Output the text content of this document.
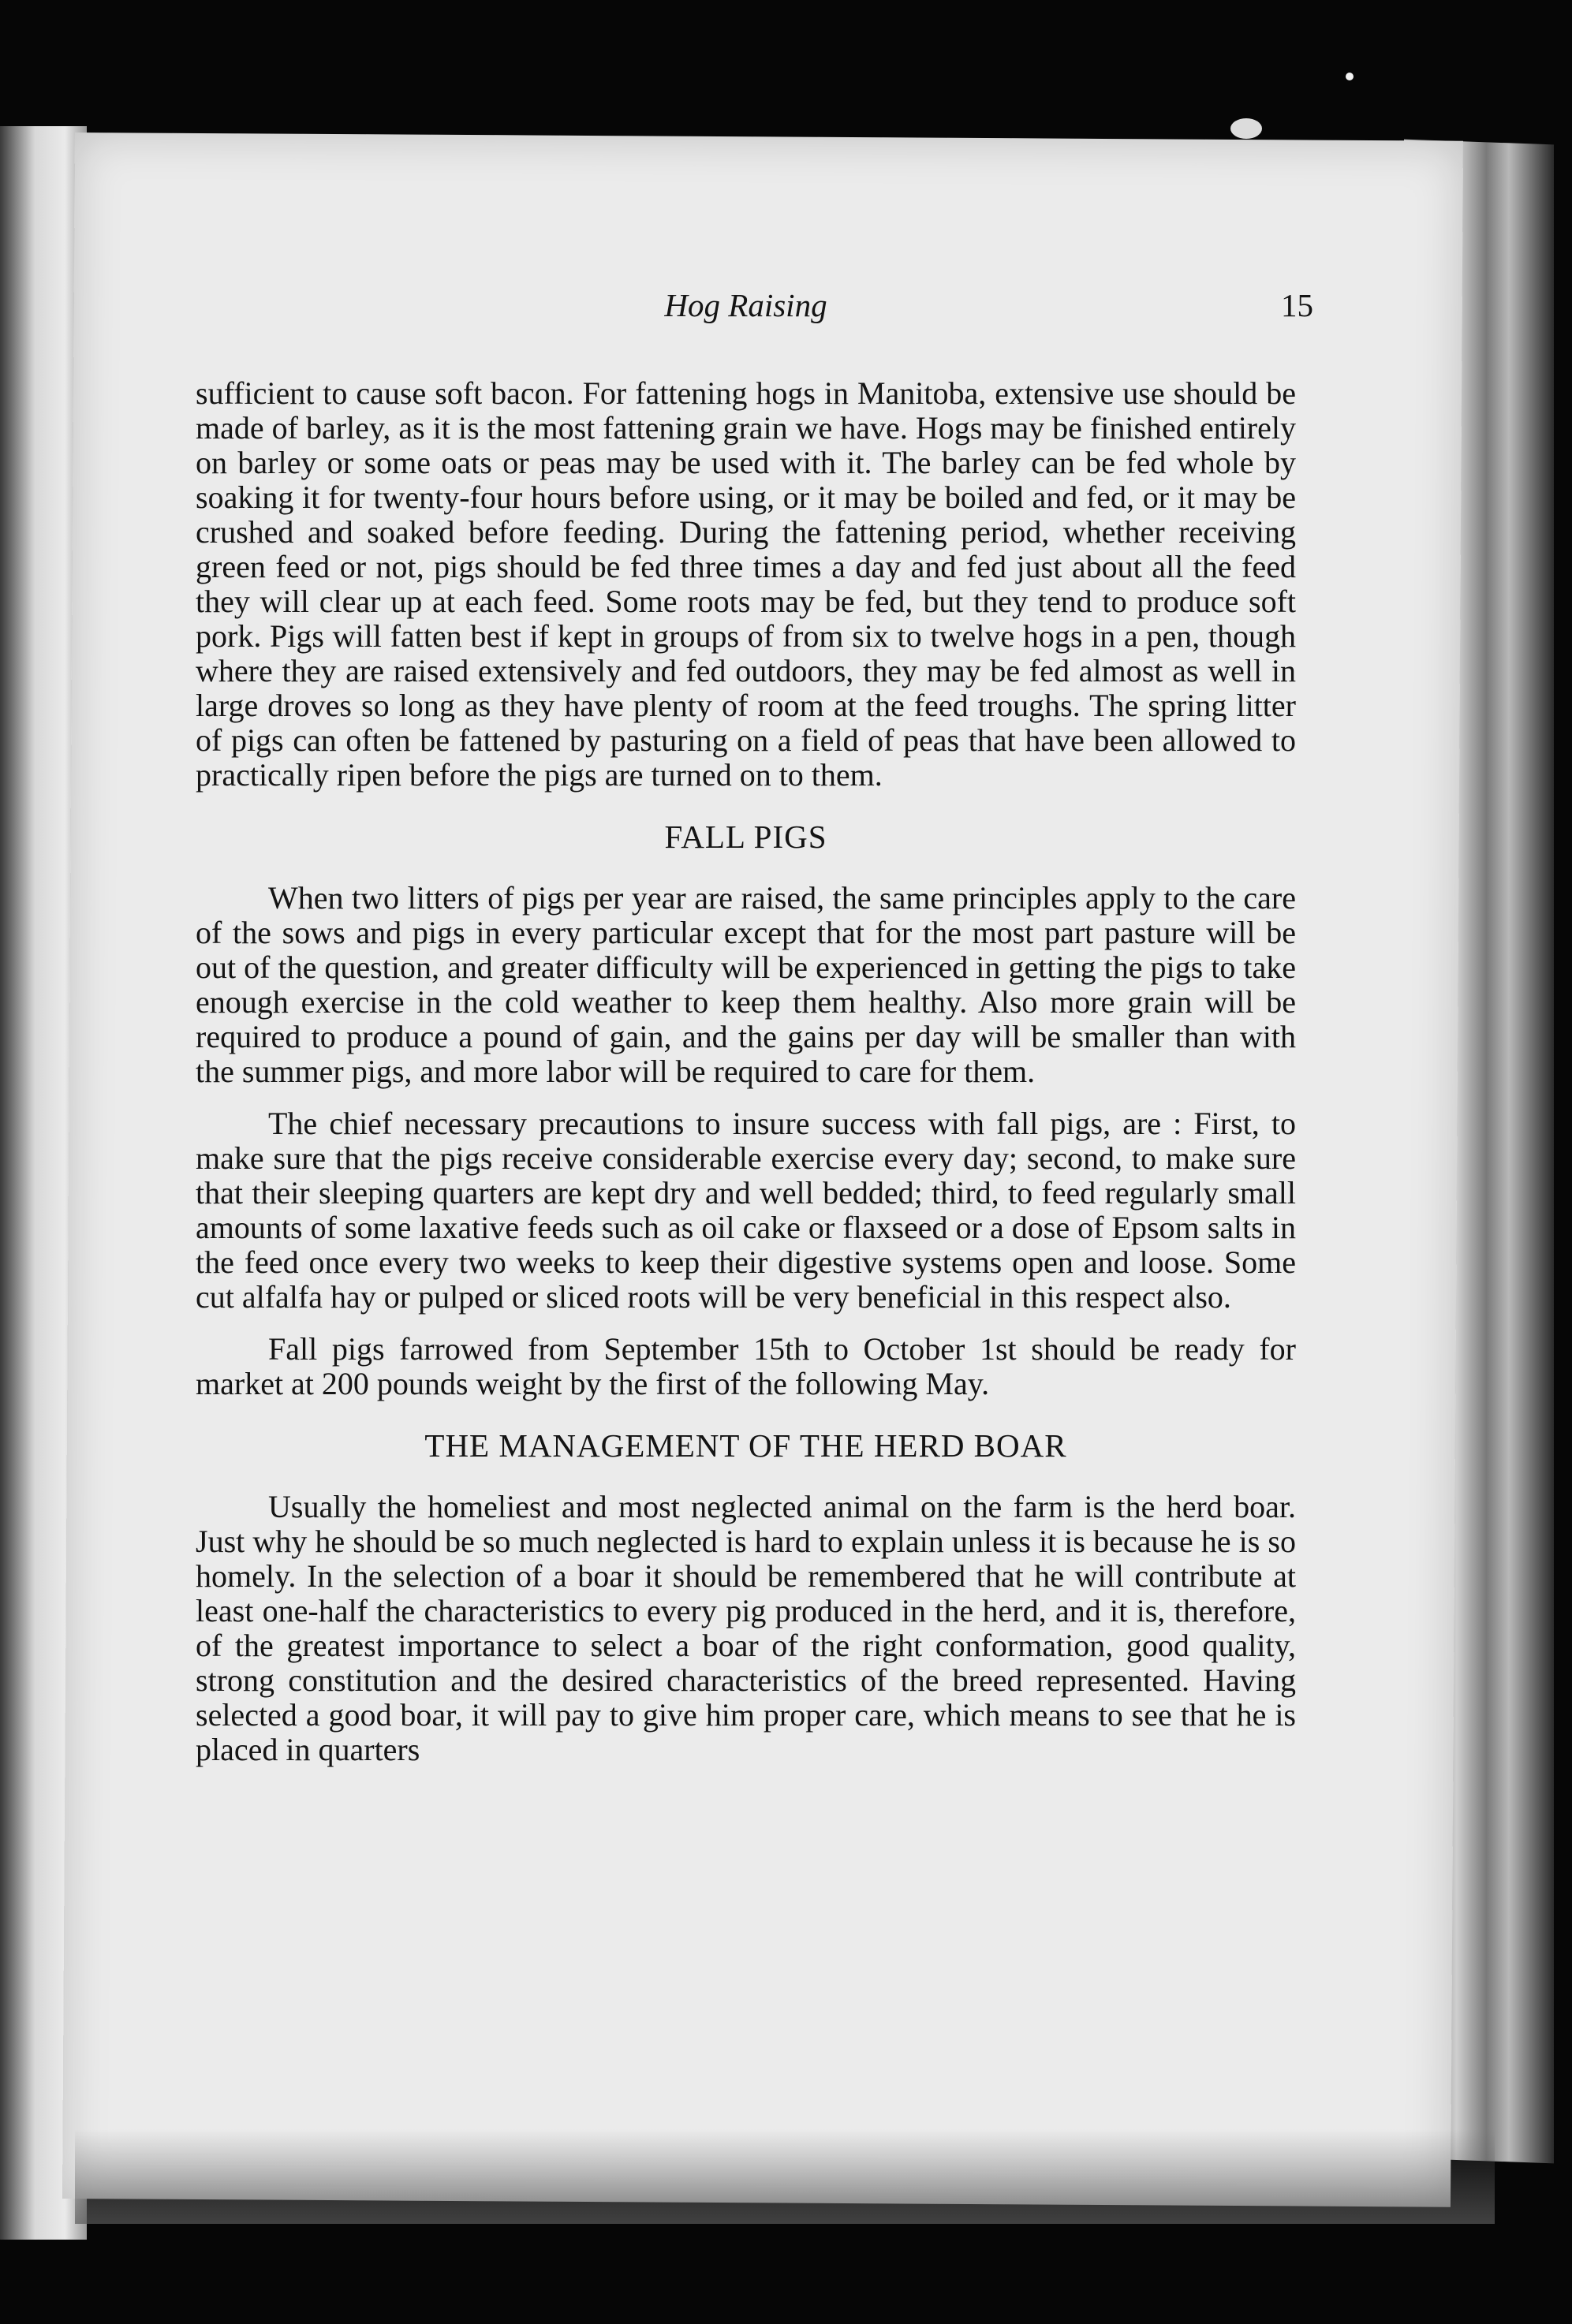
Hog Raising	15

sufficient to cause soft bacon. For fattening hogs in Manitoba, extensive use should be made of barley, as it is the most fattening grain we have. Hogs may be finished entirely on barley or some oats or peas may be used with it. The barley can be fed whole by soaking it for twenty-four hours before using, or it may be boiled and fed, or it may be crushed and soaked before feeding. During the fattening period, whether receiving green feed or not, pigs should be fed three times a day and fed just about all the feed they will clear up at each feed. Some roots may be fed, but they tend to produce soft pork. Pigs will fatten best if kept in groups of from six to twelve hogs in a pen, though where they are raised extensively and fed outdoors, they may be fed almost as well in large droves so long as they have plenty of room at the feed troughs. The spring litter of pigs can often be fattened by pasturing on a field of peas that have been allowed to practically ripen before the pigs are turned on to them.

FALL PIGS

When two litters of pigs per year are raised, the same principles apply to the care of the sows and pigs in every particular except that for the most part pasture will be out of the question, and greater difficulty will be experienced in getting the pigs to take enough exercise in the cold weather to keep them healthy. Also more grain will be required to produce a pound of gain, and the gains per day will be smaller than with the summer pigs, and more labor will be required to care for them.

The chief necessary precautions to insure success with fall pigs, are : First, to make sure that the pigs receive considerable exercise every day; second, to make sure that their sleeping quarters are kept dry and well bedded; third, to feed regularly small amounts of some laxative feeds such as oil cake or flaxseed or a dose of Epsom salts in the feed once every two weeks to keep their digestive systems open and loose. Some cut alfalfa hay or pulped or sliced roots will be very beneficial in this respect also.

Fall pigs farrowed from September 15th to October 1st should be ready for market at 200 pounds weight by the first of the following May.

THE MANAGEMENT OF THE HERD BOAR

Usually the homeliest and most neglected animal on the farm is the herd boar. Just why he should be so much neglected is hard to explain unless it is because he is so homely. In the selection of a boar it should be remembered that he will contribute at least one-half the characteristics to every pig produced in the herd, and it is, therefore, of the greatest importance to select a boar of the right conformation, good quality, strong constitution and the desired characteristics of the breed represented. Having selected a good boar, it will pay to give him proper care, which means to see that he is placed in quarters
